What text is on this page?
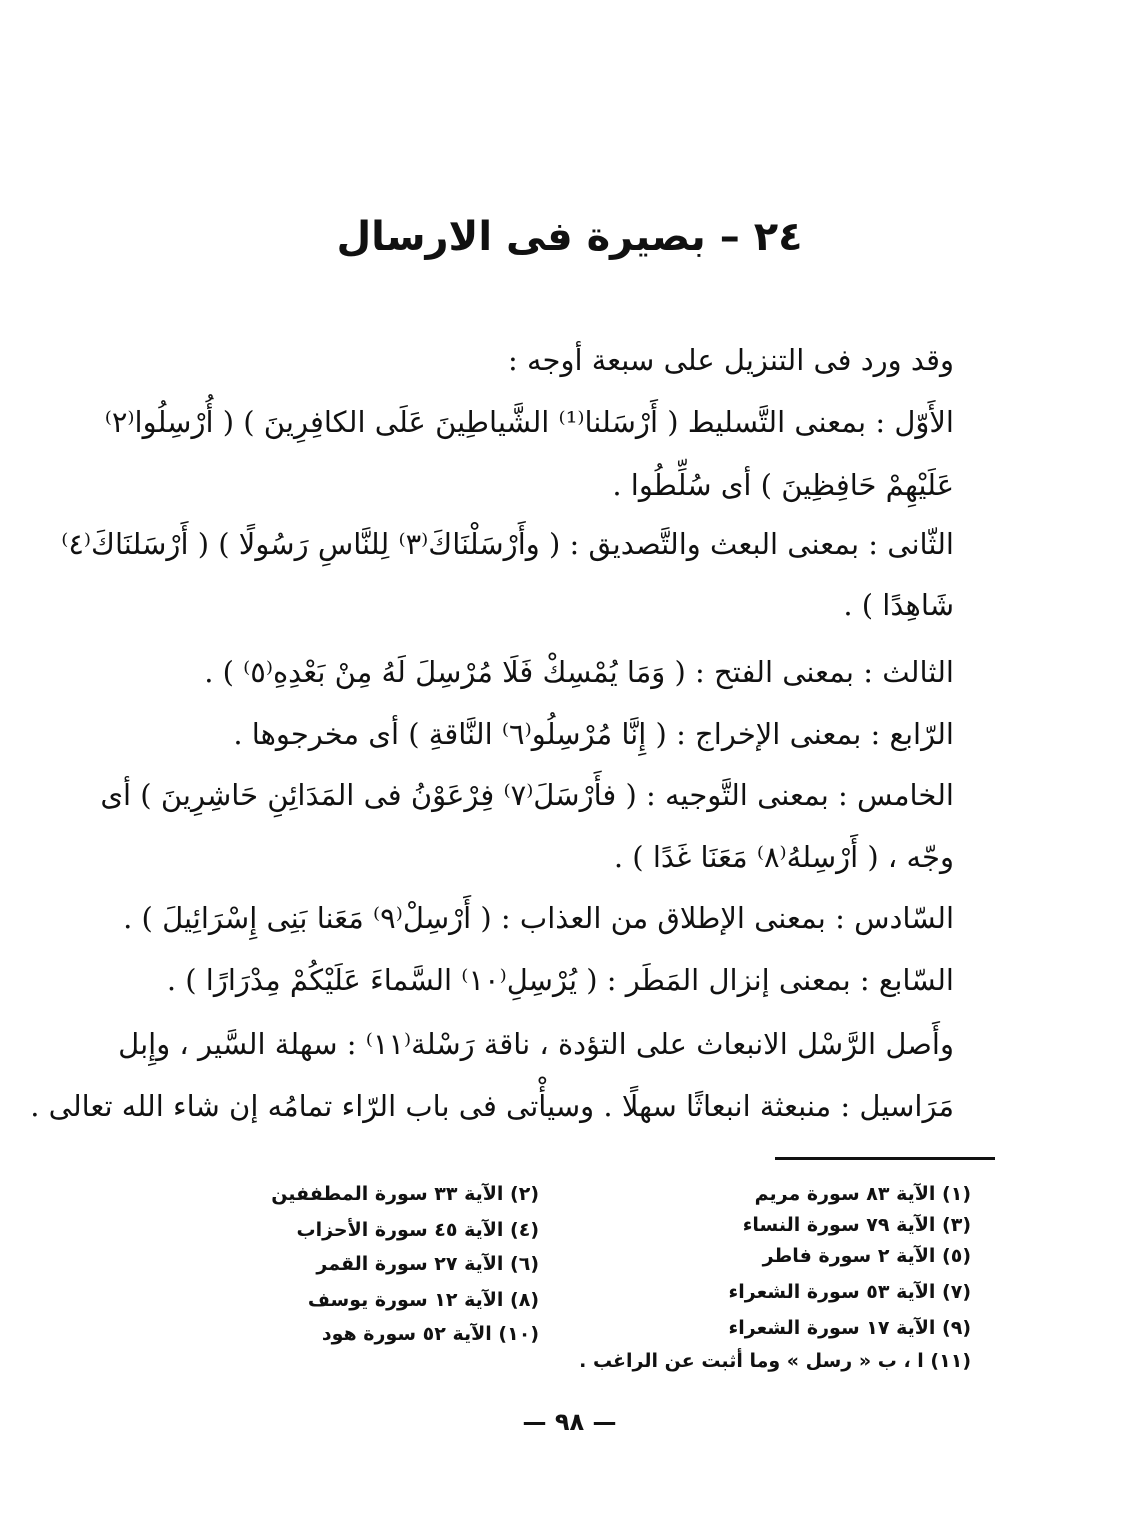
٢٤ – بصيرة فى الارسال
وقد ورد فى التنزيل على سبعة أوجه :
الأَوّل : بمعنى التَّسليط ( أَرْسَلنا⁽¹⁾ الشَّياطِينَ عَلَى الكافِرِينَ ) ( أُرْسِلُوا⁽٢⁾
عَلَيْهِمْ حَافِظِينَ ) أى سُلِّطُوا .
الثّانى : بمعنى البعث والتَّصديق : ( وأَرْسَلْنَاكَ⁽٣⁾ لِلنَّاسِ رَسُولًا ) ( أَرْسَلنَاكَ⁽٤⁾
شَاهِدًا ) .
الثالث : بمعنى الفتح : ( وَمَا يُمْسِكْ فَلَا مُرْسِلَ لَهُ مِنْ بَعْدِهِ⁽٥⁾ ) .
الرّابع : بمعنى الإخراج : ( إِنَّا مُرْسِلُو⁽٦⁾ النَّاقةِ ) أى مخرجوها .
الخامس : بمعنى التَّوجيه : ( فأَرْسَلَ⁽٧⁾ فِرْعَوْنُ فى المَدَائِنِ حَاشِرِينَ ) أى
وجّه ، ( أَرْسِلهُ⁽٨⁾ مَعَنَا غَدًا ) .
السّادس : بمعنى الإطلاق من العذاب : ( أَرْسِلْ⁽٩⁾ مَعَنا بَنِى إِسْرَائِيلَ ) .
السّابع : بمعنى إنزال المَطَر : ( يُرْسِلِ⁽١٠⁾ السَّماءَ عَلَيْكُمْ مِدْرَارًا ) .
وأَصل الرَّسْل الانبعاث على التؤدة ، ناقة رَسْلة⁽١١⁾ : سهلة السَّير ، وإِبل
مَرَاسيل : منبعثة انبعاثًا سهلًا . وسيأْتى فى باب الرّاء تمامُه إن شاء الله تعالى .
(١) الآية ٨٣ سورة مريم
(٣) الآية ٧٩ سورة النساء
(٥) الآية ٢ سورة فاطر
(٧) الآية ٥٣ سورة الشعراء
(٩) الآية ١٧ سورة الشعراء
(١١) ا ، ب « رسل » وما أثبت عن الراغب .
(٢) الآية ٣٣ سورة المطففين
(٤) الآية ٤٥ سورة الأحزاب
(٦) الآية ٢٧ سورة القمر
(٨) الآية ١٢ سورة يوسف
(١٠) الآية ٥٢ سورة هود
— ٩٨ —
